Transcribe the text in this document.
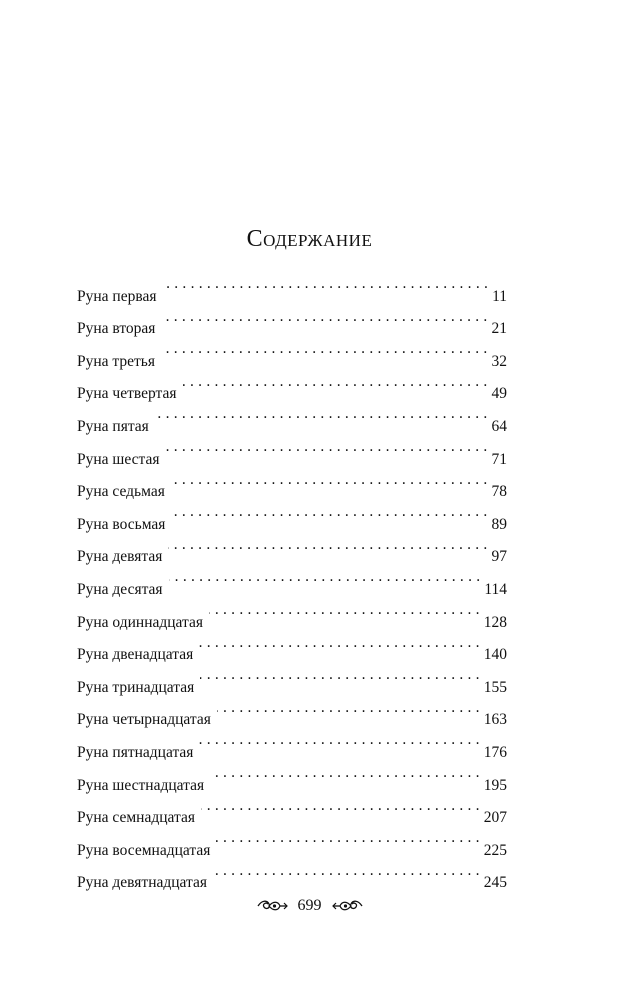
Содержание
Руна первая . . .	11
Руна вторая . . .	21
Руна третья . . .	32
Руна четвертая . . .	49
Руна пятая . . .	64
Руна шестая . . .	71
Руна седьмая . . .	78
Руна восьмая . . .	89
Руна девятая . . .	97
Руна десятая . . .	114
Руна одиннадцатая . . .	128
Руна двенадцатая . . .	140
Руна тринадцатая . . .	155
Руна четырнадцатая . . .	163
Руна пятнадцатая . . .	176
Руна шестнадцатая . . .	195
Руна семнадцатая . . .	207
Руна восемнадцатая . . .	225
Руна девятнадцатая . . .	245
699
